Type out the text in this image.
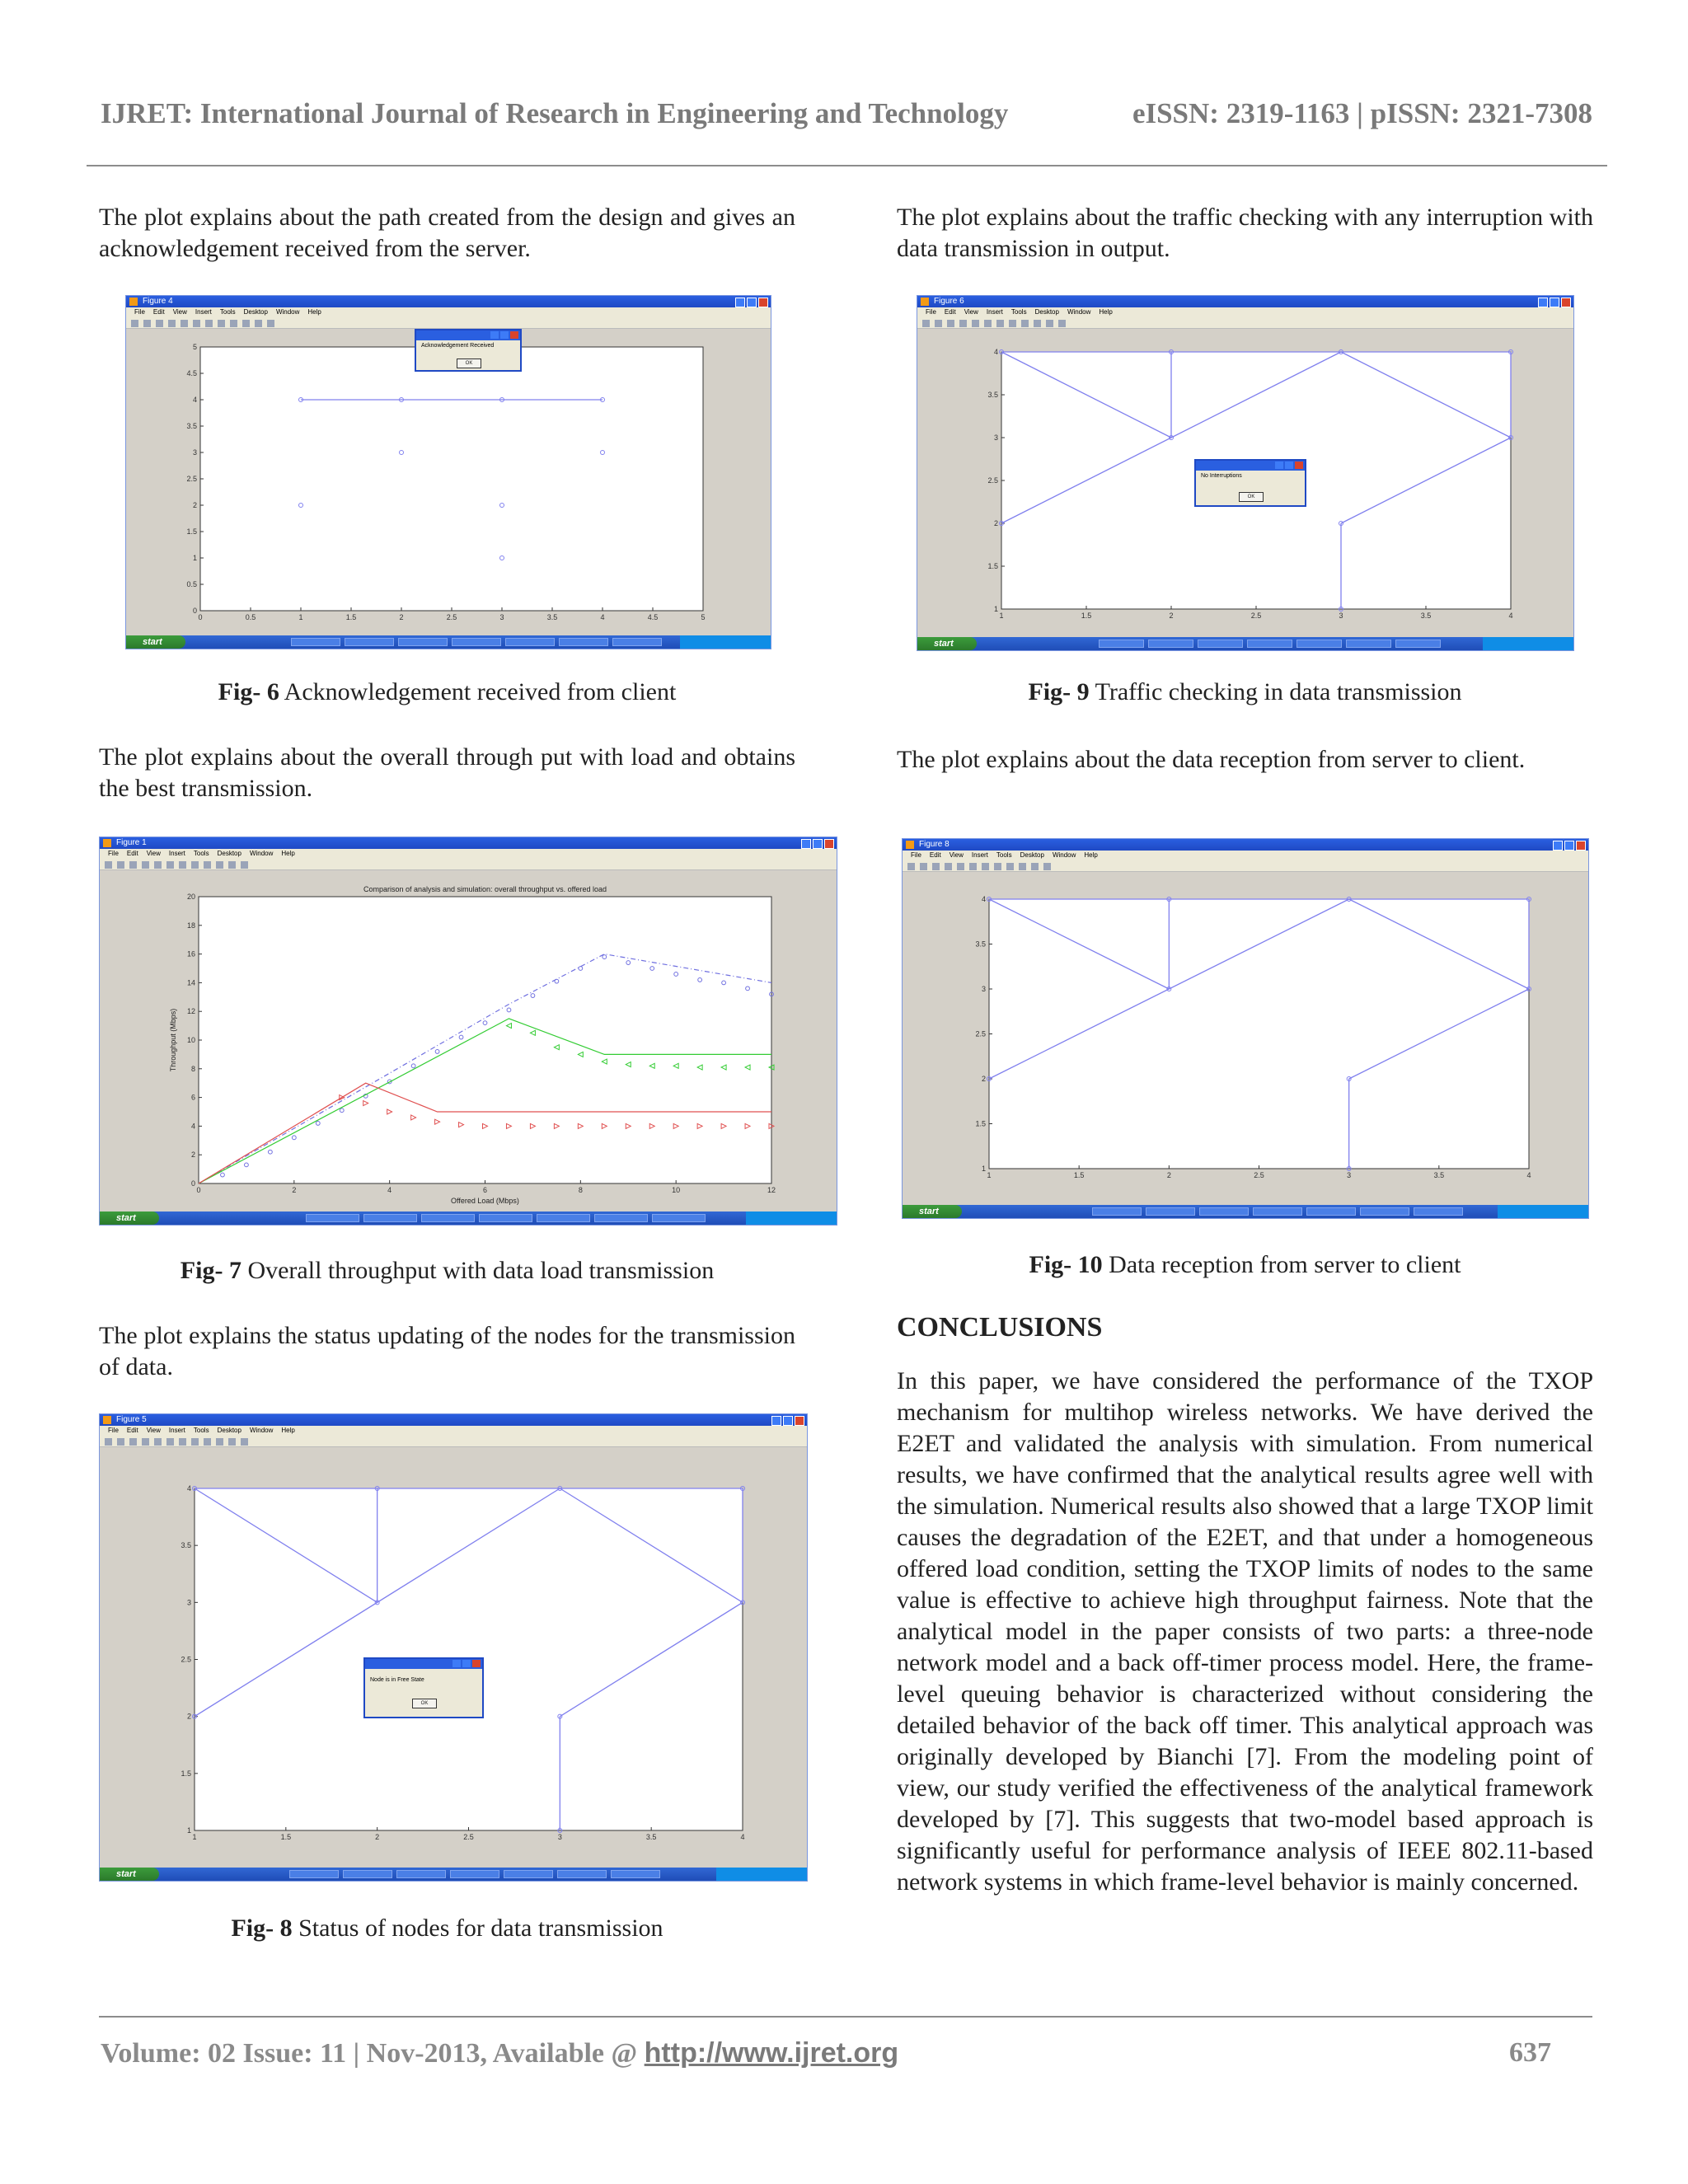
IJRET: International Journal of Research in Engineering and Technology	eISSN: 2319-1163 | pISSN: 2321-7308
The plot explains about the path created from the design and gives an acknowledgement received from the server.
Figure 4
File Edit View Insert Tools Desktop Window Help
0	0.5	1	1.5	2	2.5	3	3.5	4	4.5	5
0
0.5
1
1.5
2
2.5
3
3.5
4
4.5
5	Acknowledgement Received
OK
start
Fig- 6 Acknowledgement received from client
The plot explains about the overall through put with load and obtains the best transmission.
Figure 1
File Edit View Insert Tools Desktop Window Help
0	2	4	6	8	10	12
0
2
4
6
8
10
12
14
16
18
20
Comparison of analysis and simulation: overall throughput vs. offered load
Offered Load (Mbps)
Throughput (Mbps)
start
Fig- 7 Overall throughput with data load transmission
The plot explains the status updating of the nodes for the transmission of data.
Figure 5
File Edit View Insert Tools Desktop Window Help
1	1.5	2	2.5	3	3.5	4
1
1.5
2
2.5
3
3.5
4
Node is in Free State
OK
start
Fig- 8 Status of nodes for data transmission
The plot explains about the traffic checking with any interruption with data transmission in output.
Figure 6
File Edit View Insert Tools Desktop Window Help
1	1.5	2	2.5	3	3.5	4
1
1.5
2
2.5
3
3.5
4
No Interruptions
OK
start
Fig- 9 Traffic checking in data transmission
The plot explains about the data reception from server to client.
Figure 8
File Edit View Insert Tools Desktop Window Help
1	1.5	2	2.5	3	3.5	4
1
1.5
2
2.5
3
3.5
4
start
Fig- 10 Data reception from server to client
CONCLUSIONS
In this paper, we have considered the performance of the TXOP mechanism for multihop wireless networks. We have derived the E2ET and validated the analysis with simulation. From numerical results, we have confirmed that the analytical results agree well with the simulation. Numerical results also showed that a large TXOP limit causes the degradation of the E2ET, and that under a homogeneous offered load condition, setting the TXOP limits of nodes to the same value is effective to achieve high throughput fairness. Note that the analytical model in the paper consists of two parts: a three-node network model and a back off-timer process model. Here, the frame-level queuing behavior is characterized without considering the detailed behavior of the back off timer. This analytical approach was originally developed by Bianchi [7]. From the modeling point of view, our study verified the effectiveness of the analytical framework developed by [7]. This suggests that two-model based approach is significantly useful for performance analysis of IEEE 802.11-based network systems in which frame-level behavior is mainly concerned.
Volume: 02 Issue: 11 | Nov-2013, Available @ http://www.ijret.org	637
